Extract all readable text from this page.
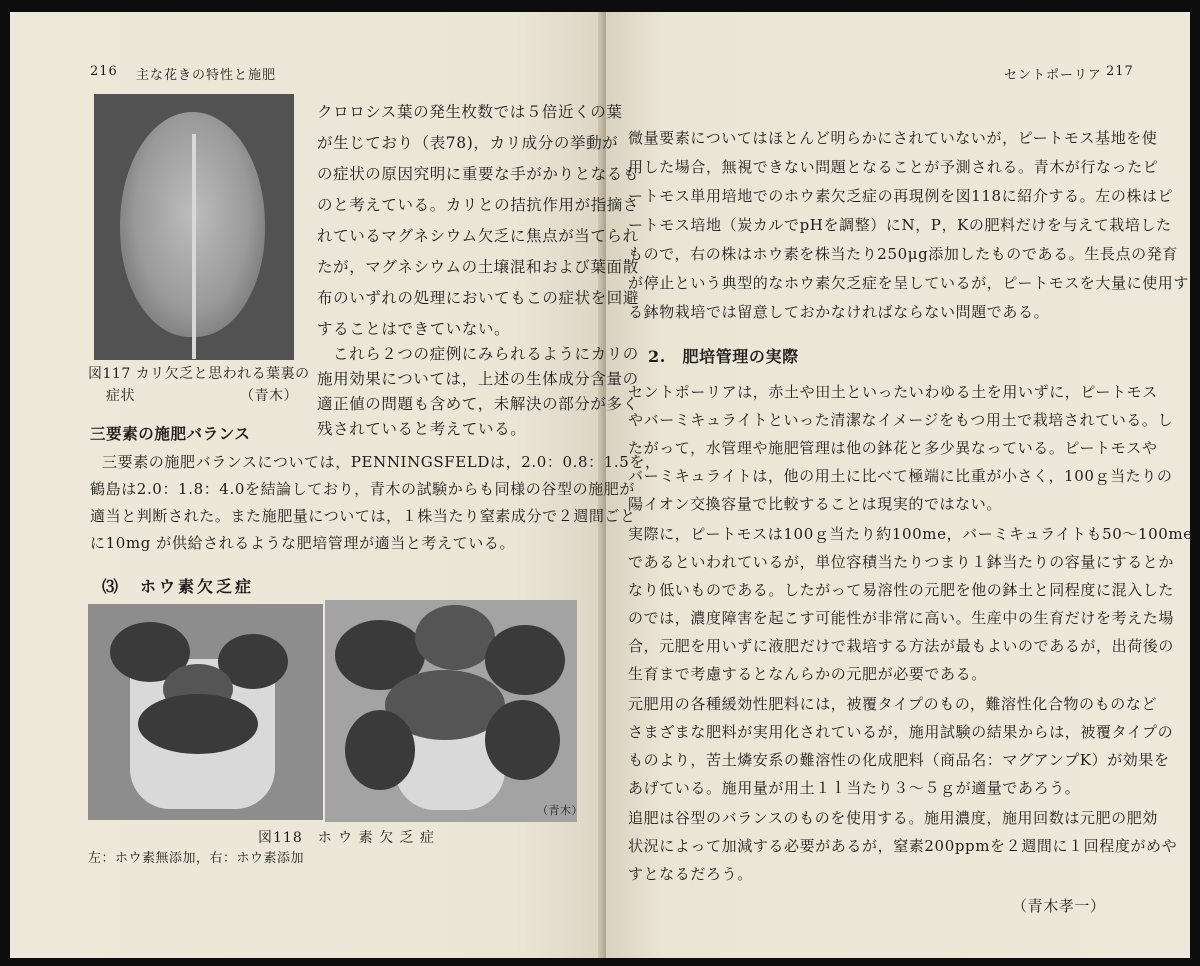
216 主な花きの特性と施肥
図117 カリ欠乏と思われる葉裏の
症状	（青木）
クロロシス葉の発生枚数では５倍近くの葉
が生じており（表78)，カリ成分の挙動が
の症状の原因究明に重要な手がかりとなるも
のと考えている。カリとの拮抗作用が指摘さ
れているマグネシウム欠乏に焦点が当てられ
たが，マグネシウムの土壌混和および葉面散
布のいずれの処理においてもこの症状を回避
することはできていない。
これら２つの症例にみられるようにカリの
施用効果については，上述の生体成分含量の
適正値の問題も含めて，未解決の部分が多く
残されていると考えている。
三要素の施肥バランス
三要素の施肥バランスについては，PENNINGSFELDは，2.0：0.8：1.5を，
鶴島は2.0：1.8：4.0を結論しており，青木の試験からも同様の谷型の施肥が
適当と判断された。また施肥量については，１株当たり窒素成分で２週間ごと
に10mg が供給されるような肥培管理が適当と考えている。
⑶　ホウ素欠乏症
（青木）
図118　ホ ウ 素 欠 乏 症
左：ホウ素無添加，右：ホウ素添加
セントポーリア 217
微量要素についてはほとんど明らかにされていないが，ピートモス基地を使
用した場合，無視できない問題となることが予測される。青木が行なったピ
ートモス単用培地でのホウ素欠乏症の再現例を図118に紹介する。左の株はピ
ートモス培地（炭カルでpHを調整）にN，P，Kの肥料だけを与えて栽培した
もので，右の株はホウ素を株当たり250μg添加したものである。生長点の発育
が停止という典型的なホウ素欠乏症を呈しているが，ピートモスを大量に使用す
る鉢物栽培では留意しておかなければならない問題である。
2.　肥培管理の実際
セントポーリアは，赤土や田土といったいわゆる土を用いずに，ピートモス
やバーミキュライトといった清潔なイメージをもつ用土で栽培されている。し
たがって，水管理や施肥管理は他の鉢花と多少異なっている。ピートモスや
バーミキュライトは，他の用土に比べて極端に比重が小さく，100ｇ当たりの
陽イオン交換容量で比較することは現実的ではない。
実際に，ピートモスは100ｇ当たり約100me，バーミキュライトも50〜100me
であるといわれているが，単位容積当たりつまり１鉢当たりの容量にするとか
なり低いものである。したがって易溶性の元肥を他の鉢土と同程度に混入した
のでは，濃度障害を起こす可能性が非常に高い。生産中の生育だけを考えた場
合，元肥を用いずに液肥だけで栽培する方法が最もよいのであるが，出荷後の
生育まで考慮するとなんらかの元肥が必要である。
元肥用の各種緩効性肥料には，被覆タイプのもの，難溶性化合物のものなど
さまざまな肥料が実用化されているが，施用試験の結果からは，被覆タイプの
ものより，苦土燐安系の難溶性の化成肥料（商品名：マグアンプK）が効果を
あげている。施用量が用土１ｌ当たり３〜５ｇが適量であろう。
追肥は谷型のバランスのものを使用する。施用濃度，施用回数は元肥の肥効
状況によって加減する必要があるが，窒素200ppmを２週間に１回程度がめや
すとなるだろう。
（青木孝一）
